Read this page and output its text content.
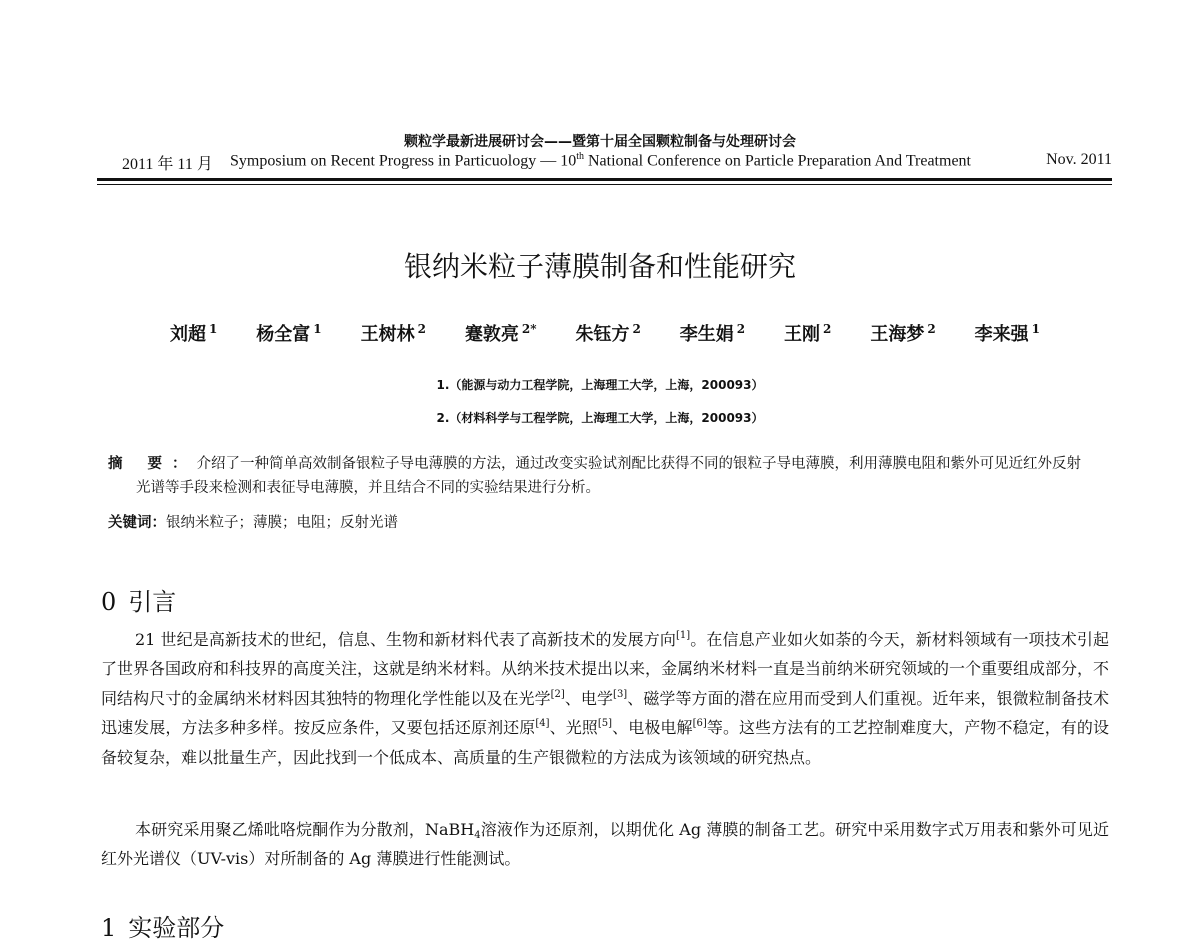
颗粒学最新进展研讨会——暨第十届全国颗粒制备与处理研讨会
2011 年 11 月 Symposium on Recent Progress in Particuology — 10th National Conference on Particle Preparation And Treatment	Nov. 2011
银纳米粒子薄膜制备和性能研究
刘超 $^1$ 杨全富 $^1$ 王树林 $^2$ 蹇敦亮 $^{2*}$ 朱钰方 $^2$ 李生娟 $^2$ 王刚 $^2$ 王海梦 $^2$ 李来强 $^1$
1.（能源与动力工程学院，上海理工大学，上海，200093）
2.（材料科学与工程学院，上海理工大学，上海，200093）
摘 要：介绍了一种简单高效制备银粒子导电薄膜的方法，通过改变实验试剂配比获得不同的银粒子导电薄膜，利用薄膜电阻和紫外可见近红外反射光谱等手段来检测和表征导电薄膜，并且结合不同的实验结果进行分析。
关键词：银纳米粒子；薄膜；电阻；反射光谱
0 引言
21 世纪是高新技术的世纪，信息、生物和新材料代表了高新技术的发展方向[1]。在信息产业如火如荼的今天，新材料领域有一项技术引起了世界各国政府和科技界的高度关注，这就是纳米材料。从纳米技术提出以来，金属纳米材料一直是当前纳米研究领域的一个重要组成部分，不同结构尺寸的金属纳米材料因其独特的物理化学性能以及在光学[2]、电学[3]、磁学等方面的潜在应用而受到人们重视。近年来，银微粒制备技术迅速发展，方法多种多样。按反应条件，又要包括还原剂还原[4]、光照[5]、电极电解[6]等。这些方法有的工艺控制难度大，产物不稳定，有的设备较复杂，难以批量生产，因此找到一个低成本、高质量的生产银微粒的方法成为该领域的研究热点。
本研究采用聚乙烯吡咯烷酮作为分散剂，NaBH$_4$溶液作为还原剂，以期优化 Ag 薄膜的制备工艺。研究中采用数字式万用表和紫外可见近红外光谱仪（UV-vis）对所制备的 Ag 薄膜进行性能测试。
1 实验部分
